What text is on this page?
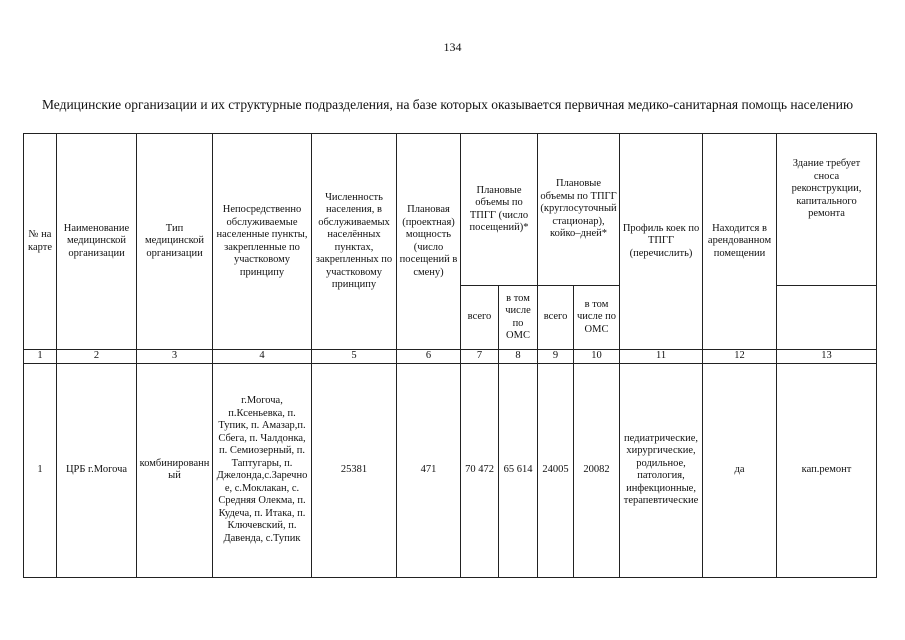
134
Медицинские организации и их структурные подразделения, на базе которых оказывается первичная медико-санитарная помощь населению
№ на карте	Наименование медицинской организации	Тип медицинской организации	Непосредственно обслуживаемые населенные пункты, закрепленные по участковому принципу	Численность населения, в обслуживаемых населённых пунктах, закрепленных по участковому принципу	Плановая (проектная) мощность (число посещений в смену)	Плановые объемы по ТПГГ (число посещений)*		Плановые объемы по ТПГГ (круглосуточный стационар), койко–дней*		Профиль коек по ТПГГ (перечислить)	Находится в арендованном помещении	Здание требует сноса реконструкции, капитального ремонта
						всего	в том числе по ОМС	всего	в том числе по ОМС			
1	2	3	4	5	6	7	8	9	10	11	12	13
1	ЦРБ г.Могоча	комбинированный	г.Могоча, п.Ксеньевка, п. Тупик, п. Амазар,п. Сбега, п. Чалдонка, п. Семиозерный, п. Таптугары, п. Джелонда,с.Заречное, с.Моклакан, с. Средняя Олекма, п. Кудеча, п. Итака, п. Ключевский, п. Давенда, с.Тупик	25381	471	70 472	65 614	24005	20082	педиатрические, хирургические, родильное, патология, инфекционные, терапевтические	да	кап.ремонт
